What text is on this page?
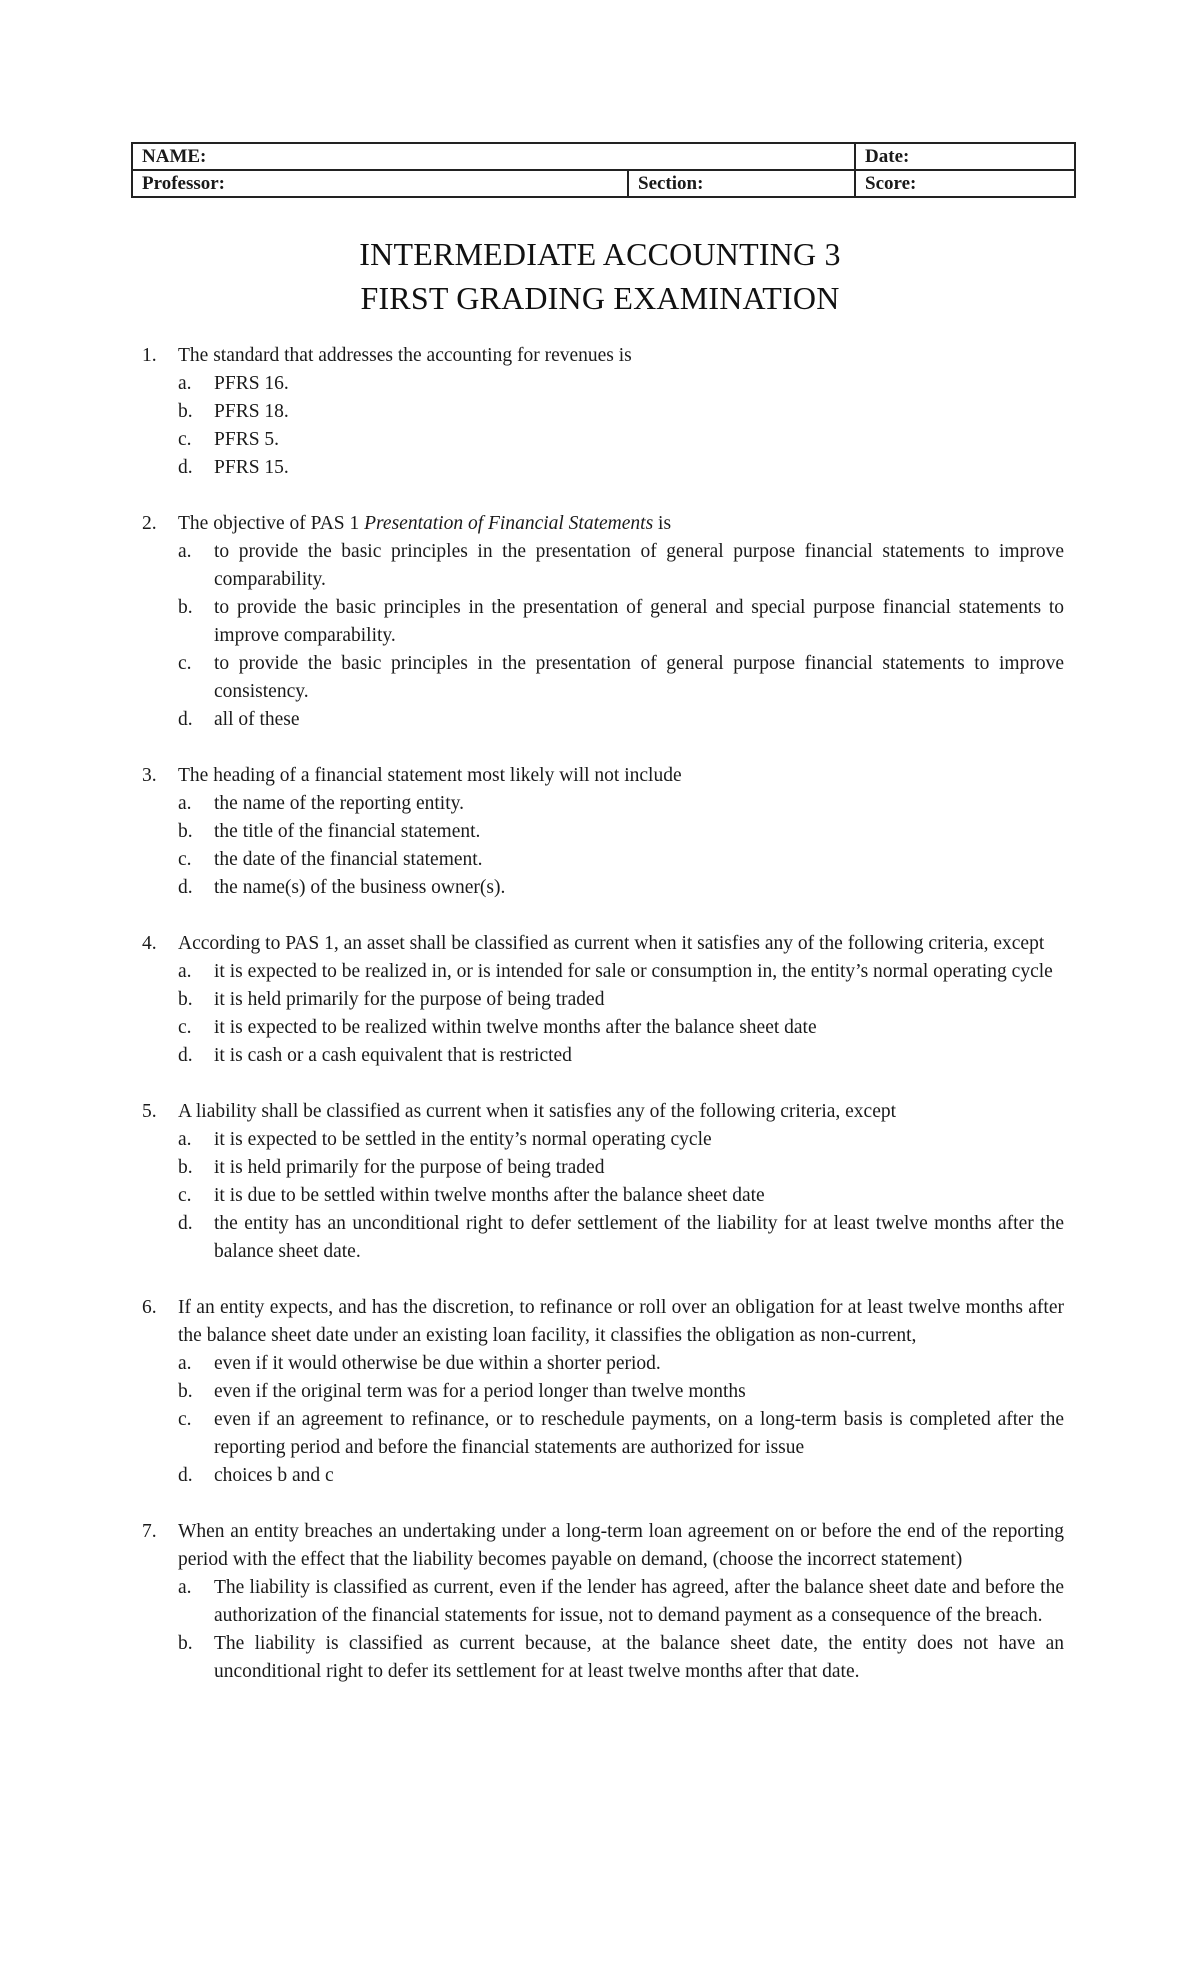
NAME:		Date:
Professor:	Section:	Score:
INTERMEDIATE ACCOUNTING 3
FIRST GRADING EXAMINATION
1.	The standard that addresses the accounting for revenues is
a.	PFRS 16.
b.	PFRS 18.
c.	PFRS 5.
d.	PFRS 15.
2.	The objective of PAS 1 Presentation of Financial Statements is
a.	to provide the basic principles in the presentation of general purpose financial statements to improve comparability.
b.	to provide the basic principles in the presentation of general and special purpose financial statements to improve comparability.
c.	to provide the basic principles in the presentation of general purpose financial statements to improve consistency.
d.	all of these
3.	The heading of a financial statement most likely will not include
a.	the name of the reporting entity.
b.	the title of the financial statement.
c.	the date of the financial statement.
d.	the name(s) of the business owner(s).
4.	According to PAS 1, an asset shall be classified as current when it satisfies any of the following criteria, except
a.	it is expected to be realized in, or is intended for sale or consumption in, the entity’s normal operating cycle
b.	it is held primarily for the purpose of being traded
c.	it is expected to be realized within twelve months after the balance sheet date
d.	it is cash or a cash equivalent that is restricted
5.	A liability shall be classified as current when it satisfies any of the following criteria, except
a.	it is expected to be settled in the entity’s normal operating cycle
b.	it is held primarily for the purpose of being traded
c.	it is due to be settled within twelve months after the balance sheet date
d.	the entity has an unconditional right to defer settlement of the liability for at least twelve months after the balance sheet date.
6.	If an entity expects, and has the discretion, to refinance or roll over an obligation for at least twelve months after the balance sheet date under an existing loan facility, it classifies the obligation as non-current,
a.	even if it would otherwise be due within a shorter period.
b.	even if the original term was for a period longer than twelve months
c.	even if an agreement to refinance, or to reschedule payments, on a long-term basis is completed after the reporting period and before the financial statements are authorized for issue
d.	choices b and c
7.	When an entity breaches an undertaking under a long-term loan agreement on or before the end of the reporting period with the effect that the liability becomes payable on demand, (choose the incorrect statement)
a.	The liability is classified as current, even if the lender has agreed, after the balance sheet date and before the authorization of the financial statements for issue, not to demand payment as a consequence of the breach.
b.	The liability is classified as current because, at the balance sheet date, the entity does not have an unconditional right to defer its settlement for at least twelve months after that date.
